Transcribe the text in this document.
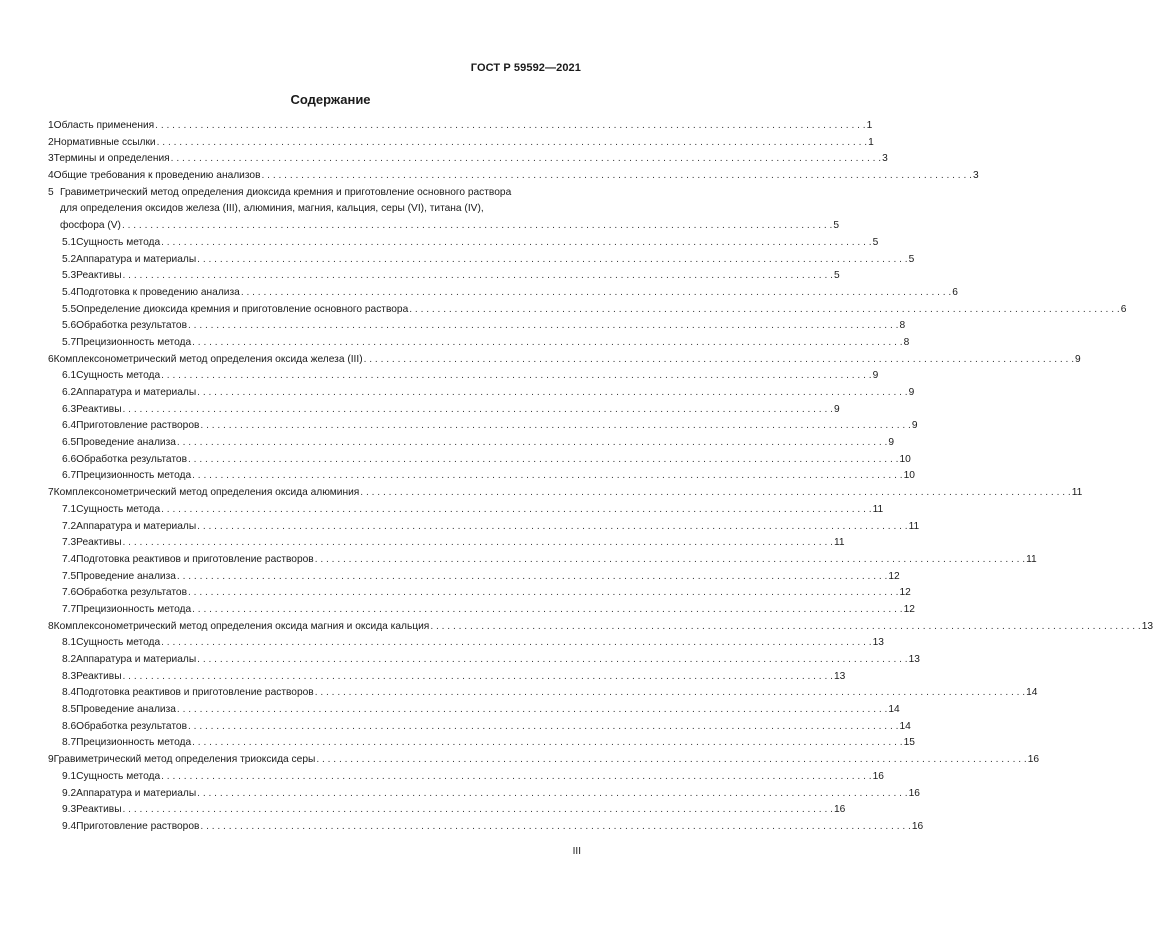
ГОСТ Р 59592—2021
Содержание
1 Область применения . . .	1
2 Нормативные ссылки . . .	1
3 Термины и определения . . .	3
4 Общие требования к проведению анализов . . .	3
5 Гравиметрический метод определения диоксида кремния и приготовление основного раствора
для определения оксидов железа (III), алюминия, магния, кальция, серы (VI), титана (IV),
фосфора (V) . . .	5
5.1 Сущность метода . . .	5
5.2 Аппаратура и материалы . . .	5
5.3 Реактивы . . .	5
5.4 Подготовка к проведению анализа . . .	6
5.5 Определение диоксида кремния и приготовление основного раствора . . .	6
5.6 Обработка результатов . . .	8
5.7 Прецизионность метода . . .	8
6 Комплексонометрический метод определения оксида железа (III) . . .	9
6.1 Сущность метода . . .	9
6.2 Аппаратура и материалы . . .	9
6.3 Реактивы . . .	9
6.4 Приготовление растворов . . .	9
6.5 Проведение анализа . . .	9
6.6 Обработка результатов . . .	10
6.7 Прецизионность метода . . .	10
7 Комплексонометрический метод определения оксида алюминия . . .	11
7.1 Сущность метода . . .	11
7.2 Аппаратура и материалы . . .	11
7.3 Реактивы . . .	11
7.4 Подготовка реактивов и приготовление растворов . . .	11
7.5 Проведение анализа . . .	12
7.6 Обработка результатов . . .	12
7.7 Прецизионность метода . . .	12
8 Комплексонометрический метод определения оксида магния и оксида кальция . . .	13
8.1 Сущность метода . . .	13
8.2 Аппаратура и материалы . . .	13
8.3 Реактивы . . .	13
8.4 Подготовка реактивов и приготовление растворов . . .	14
8.5 Проведение анализа . . .	14
8.6 Обработка результатов . . .	14
8.7 Прецизионность метода . . .	15
9 Гравиметрический метод определения триоксида серы . . .	16
9.1 Сущность метода . . .	16
9.2 Аппаратура и материалы . . .	16
9.3 Реактивы . . .	16
9.4 Приготовление растворов . . .	16
III
